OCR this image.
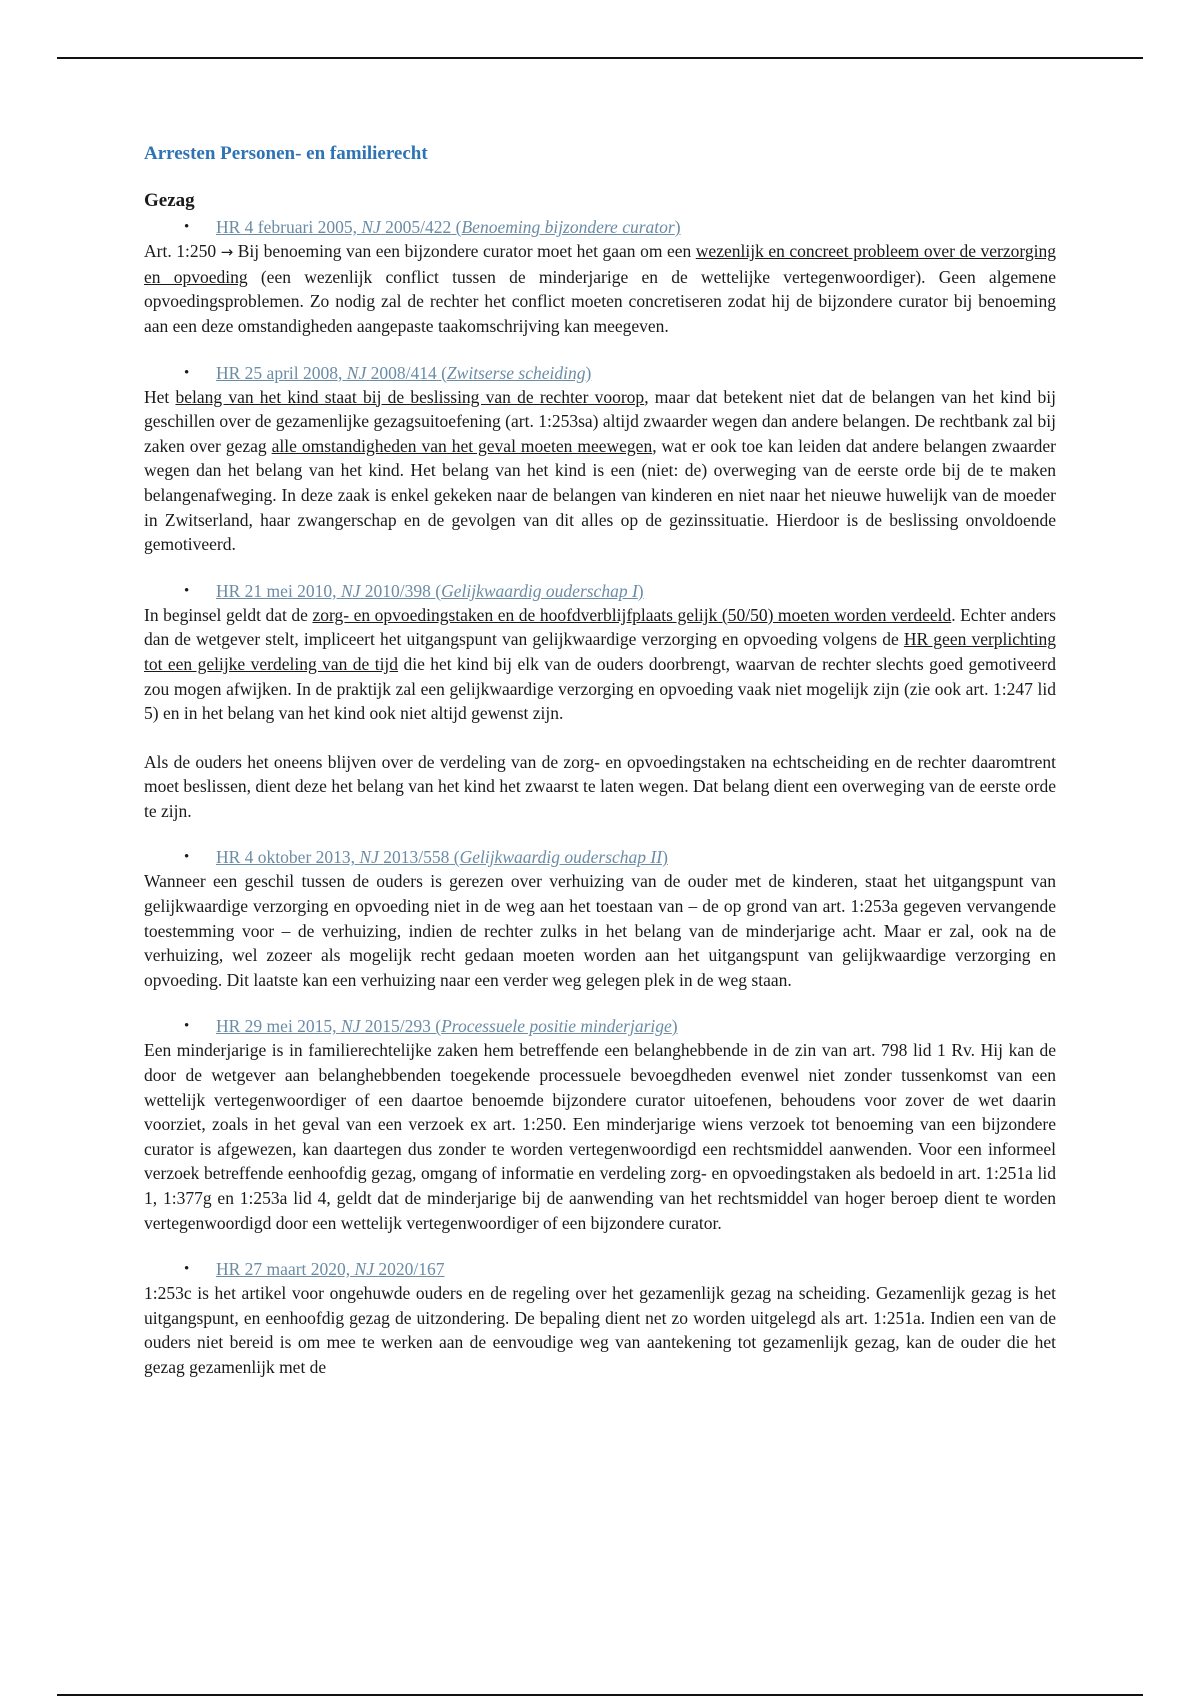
Arresten Personen- en familierecht
Gezag
• HR 4 februari 2005, NJ 2005/422 (Benoeming bijzondere curator)

Art. 1:250 → Bij benoeming van een bijzondere curator moet het gaan om een wezenlijk en concreet probleem over de verzorging en opvoeding (een wezenlijk conflict tussen de minderjarige en de wettelijke vertegenwoordiger). Geen algemene opvoedingsproblemen. Zo nodig zal de rechter het conflict moeten concretiseren zodat hij de bijzondere curator bij benoeming aan een deze omstandigheden aangepaste taakomschrijving kan meegeven.

• HR 25 april 2008, NJ 2008/414 (Zwitserse scheiding)

Het belang van het kind staat bij de beslissing van de rechter voorop, maar dat betekent niet dat de belangen van het kind bij geschillen over de gezamenlijke gezagsuitoefening (art. 1:253sa) altijd zwaarder wegen dan andere belangen. De rechtbank zal bij zaken over gezag alle omstandigheden van het geval moeten meewegen, wat er ook toe kan leiden dat andere belangen zwaarder wegen dan het belang van het kind. Het belang van het kind is een (niet: de) overweging van de eerste orde bij de te maken belangenafweging. In deze zaak is enkel gekeken naar de belangen van kinderen en niet naar het nieuwe huwelijk van de moeder in Zwitserland, haar zwangerschap en de gevolgen van dit alles op de gezinssituatie. Hierdoor is de beslissing onvoldoende gemotiveerd.

• HR 21 mei 2010, NJ 2010/398 (Gelijkwaardig ouderschap I)

In beginsel geldt dat de zorg- en opvoedingstaken en de hoofdverblijfplaats gelijk (50/50) moeten worden verdeeld. Echter anders dan de wetgever stelt, impliceert het uitgangspunt van gelijkwaardige verzorging en opvoeding volgens de HR geen verplichting tot een gelijke verdeling van de tijd die het kind bij elk van de ouders doorbrengt, waarvan de rechter slechts goed gemotiveerd zou mogen afwijken. In de praktijk zal een gelijkwaardige verzorging en opvoeding vaak niet mogelijk zijn (zie ook art. 1:247 lid 5) en in het belang van het kind ook niet altijd gewenst zijn.

Als de ouders het oneens blijven over de verdeling van de zorg- en opvoedingstaken na echtscheiding en de rechter daaromtrent moet beslissen, dient deze het belang van het kind het zwaarst te laten wegen. Dat belang dient een overweging van de eerste orde te zijn.

• HR 4 oktober 2013, NJ 2013/558 (Gelijkwaardig ouderschap II)

Wanneer een geschil tussen de ouders is gerezen over verhuizing van de ouder met de kinderen, staat het uitgangspunt van gelijkwaardige verzorging en opvoeding niet in de weg aan het toestaan van – de op grond van art. 1:253a gegeven vervangende toestemming voor – de verhuizing, indien de rechter zulks in het belang van de minderjarige acht. Maar er zal, ook na de verhuizing, wel zozeer als mogelijk recht gedaan moeten worden aan het uitgangspunt van gelijkwaardige verzorging en opvoeding. Dit laatste kan een verhuizing naar een verder weg gelegen plek in de weg staan.

• HR 29 mei 2015, NJ 2015/293 (Processuele positie minderjarige)

Een minderjarige is in familierechtelijke zaken hem betreffende een belanghebbende in de zin van art. 798 lid 1 Rv. Hij kan de door de wetgever aan belanghebbenden toegekende processuele bevoegdheden evenwel niet zonder tussenkomst van een wettelijk vertegenwoordiger of een daartoe benoemde bijzondere curator uitoefenen, behoudens voor zover de wet daarin voorziet, zoals in het geval van een verzoek ex art. 1:250. Een minderjarige wiens verzoek tot benoeming van een bijzondere curator is afgewezen, kan daartegen dus zonder te worden vertegenwoordigd een rechtsmiddel aanwenden. Voor een informeel verzoek betreffende eenhoofdig gezag, omgang of informatie en verdeling zorg- en opvoedingstaken als bedoeld in art. 1:251a lid 1, 1:377g en 1:253a lid 4, geldt dat de minderjarige bij de aanwending van het rechtsmiddel van hoger beroep dient te worden vertegenwoordigd door een wettelijk vertegenwoordiger of een bijzondere curator.

• HR 27 maart 2020, NJ 2020/167

1:253c is het artikel voor ongehuwde ouders en de regeling over het gezamenlijk gezag na scheiding. Gezamenlijk gezag is het uitgangspunt, en eenhoofdig gezag de uitzondering. De bepaling dient net zo worden uitgelegd als art. 1:251a. Indien een van de ouders niet bereid is om mee te werken aan de eenvoudige weg van aantekening tot gezamenlijk gezag, kan de ouder die het gezag gezamenlijk met de
